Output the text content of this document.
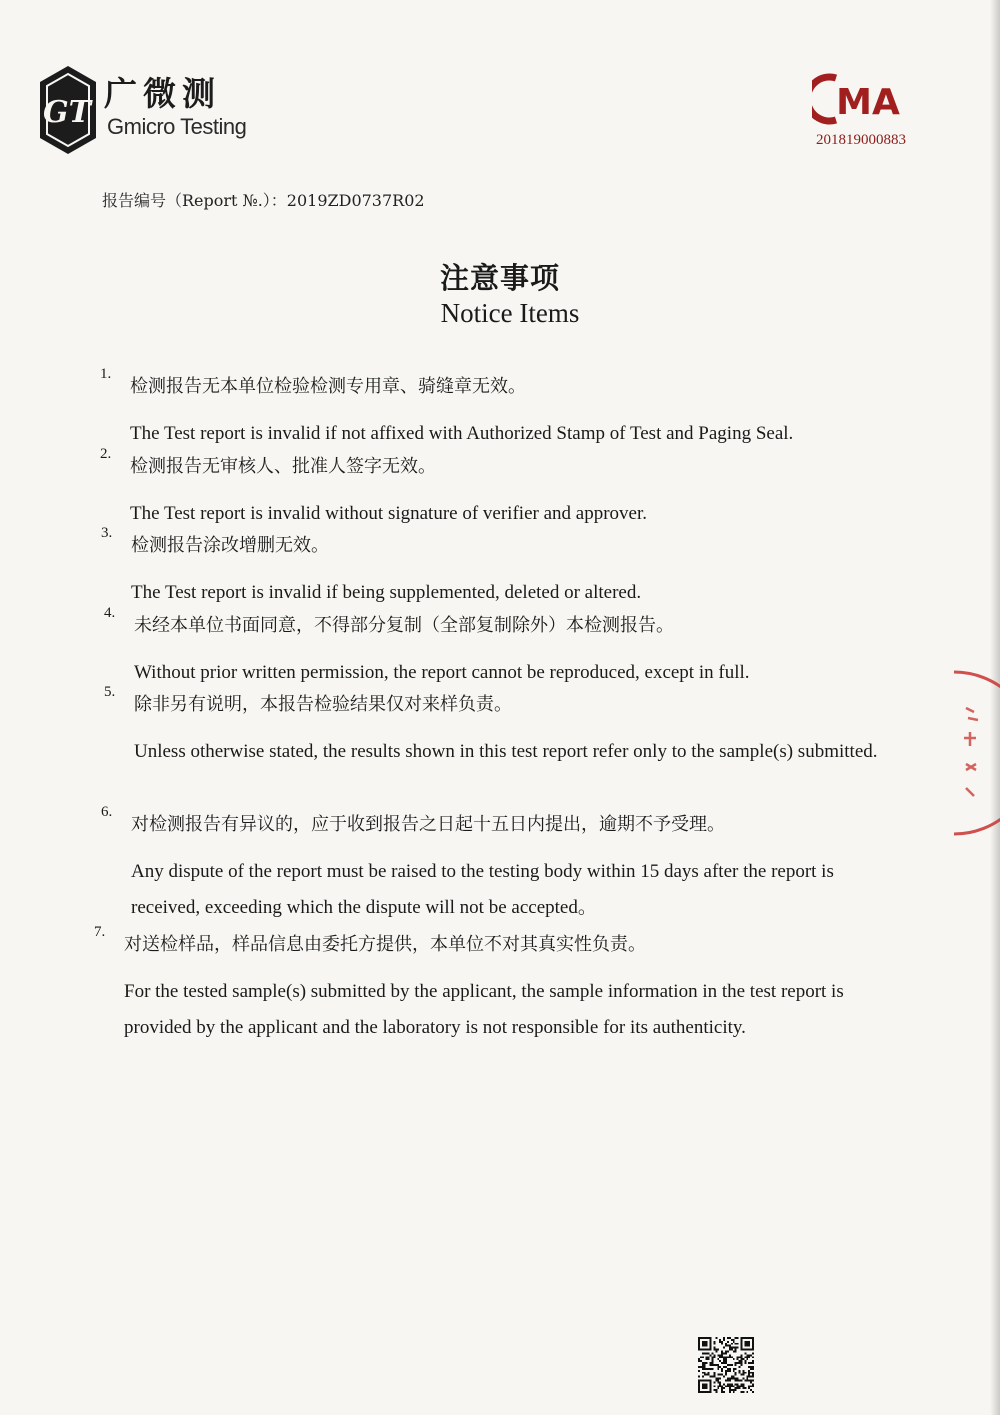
GT 广微测
Gmicro Testing
MA
201819000883
报告编号（Report №.）：2019ZD0737R02
注意事项
Notice Items
1.
检测报告无本单位检验检测专用章、骑缝章无效。
The Test report is invalid if not affixed with Authorized Stamp of Test and Paging Seal.
2.
检测报告无审核人、批准人签字无效。
The Test report is invalid without signature of verifier and approver.
3.
检测报告涂改增删无效。
The Test report is invalid if being supplemented, deleted or altered.
4.
未经本单位书面同意，不得部分复制（全部复制除外）本检测报告。
Without prior written permission, the report cannot be reproduced, except in full.
5.
除非另有说明，本报告检验结果仅对来样负责。
Unless otherwise stated, the results shown in this test report refer only to the sample(s) submitted.
6.
对检测报告有异议的，应于收到报告之日起十五日内提出，逾期不予受理。
Any dispute of the report must be raised to the testing body within 15 days after the report is received, exceeding which the dispute will not be accepted。
7.
对送检样品，样品信息由委托方提供，本单位不对其真实性负责。
For the tested sample(s) submitted by the applicant, the sample information in the test report is provided by the applicant and the laboratory is not responsible for its authenticity.
